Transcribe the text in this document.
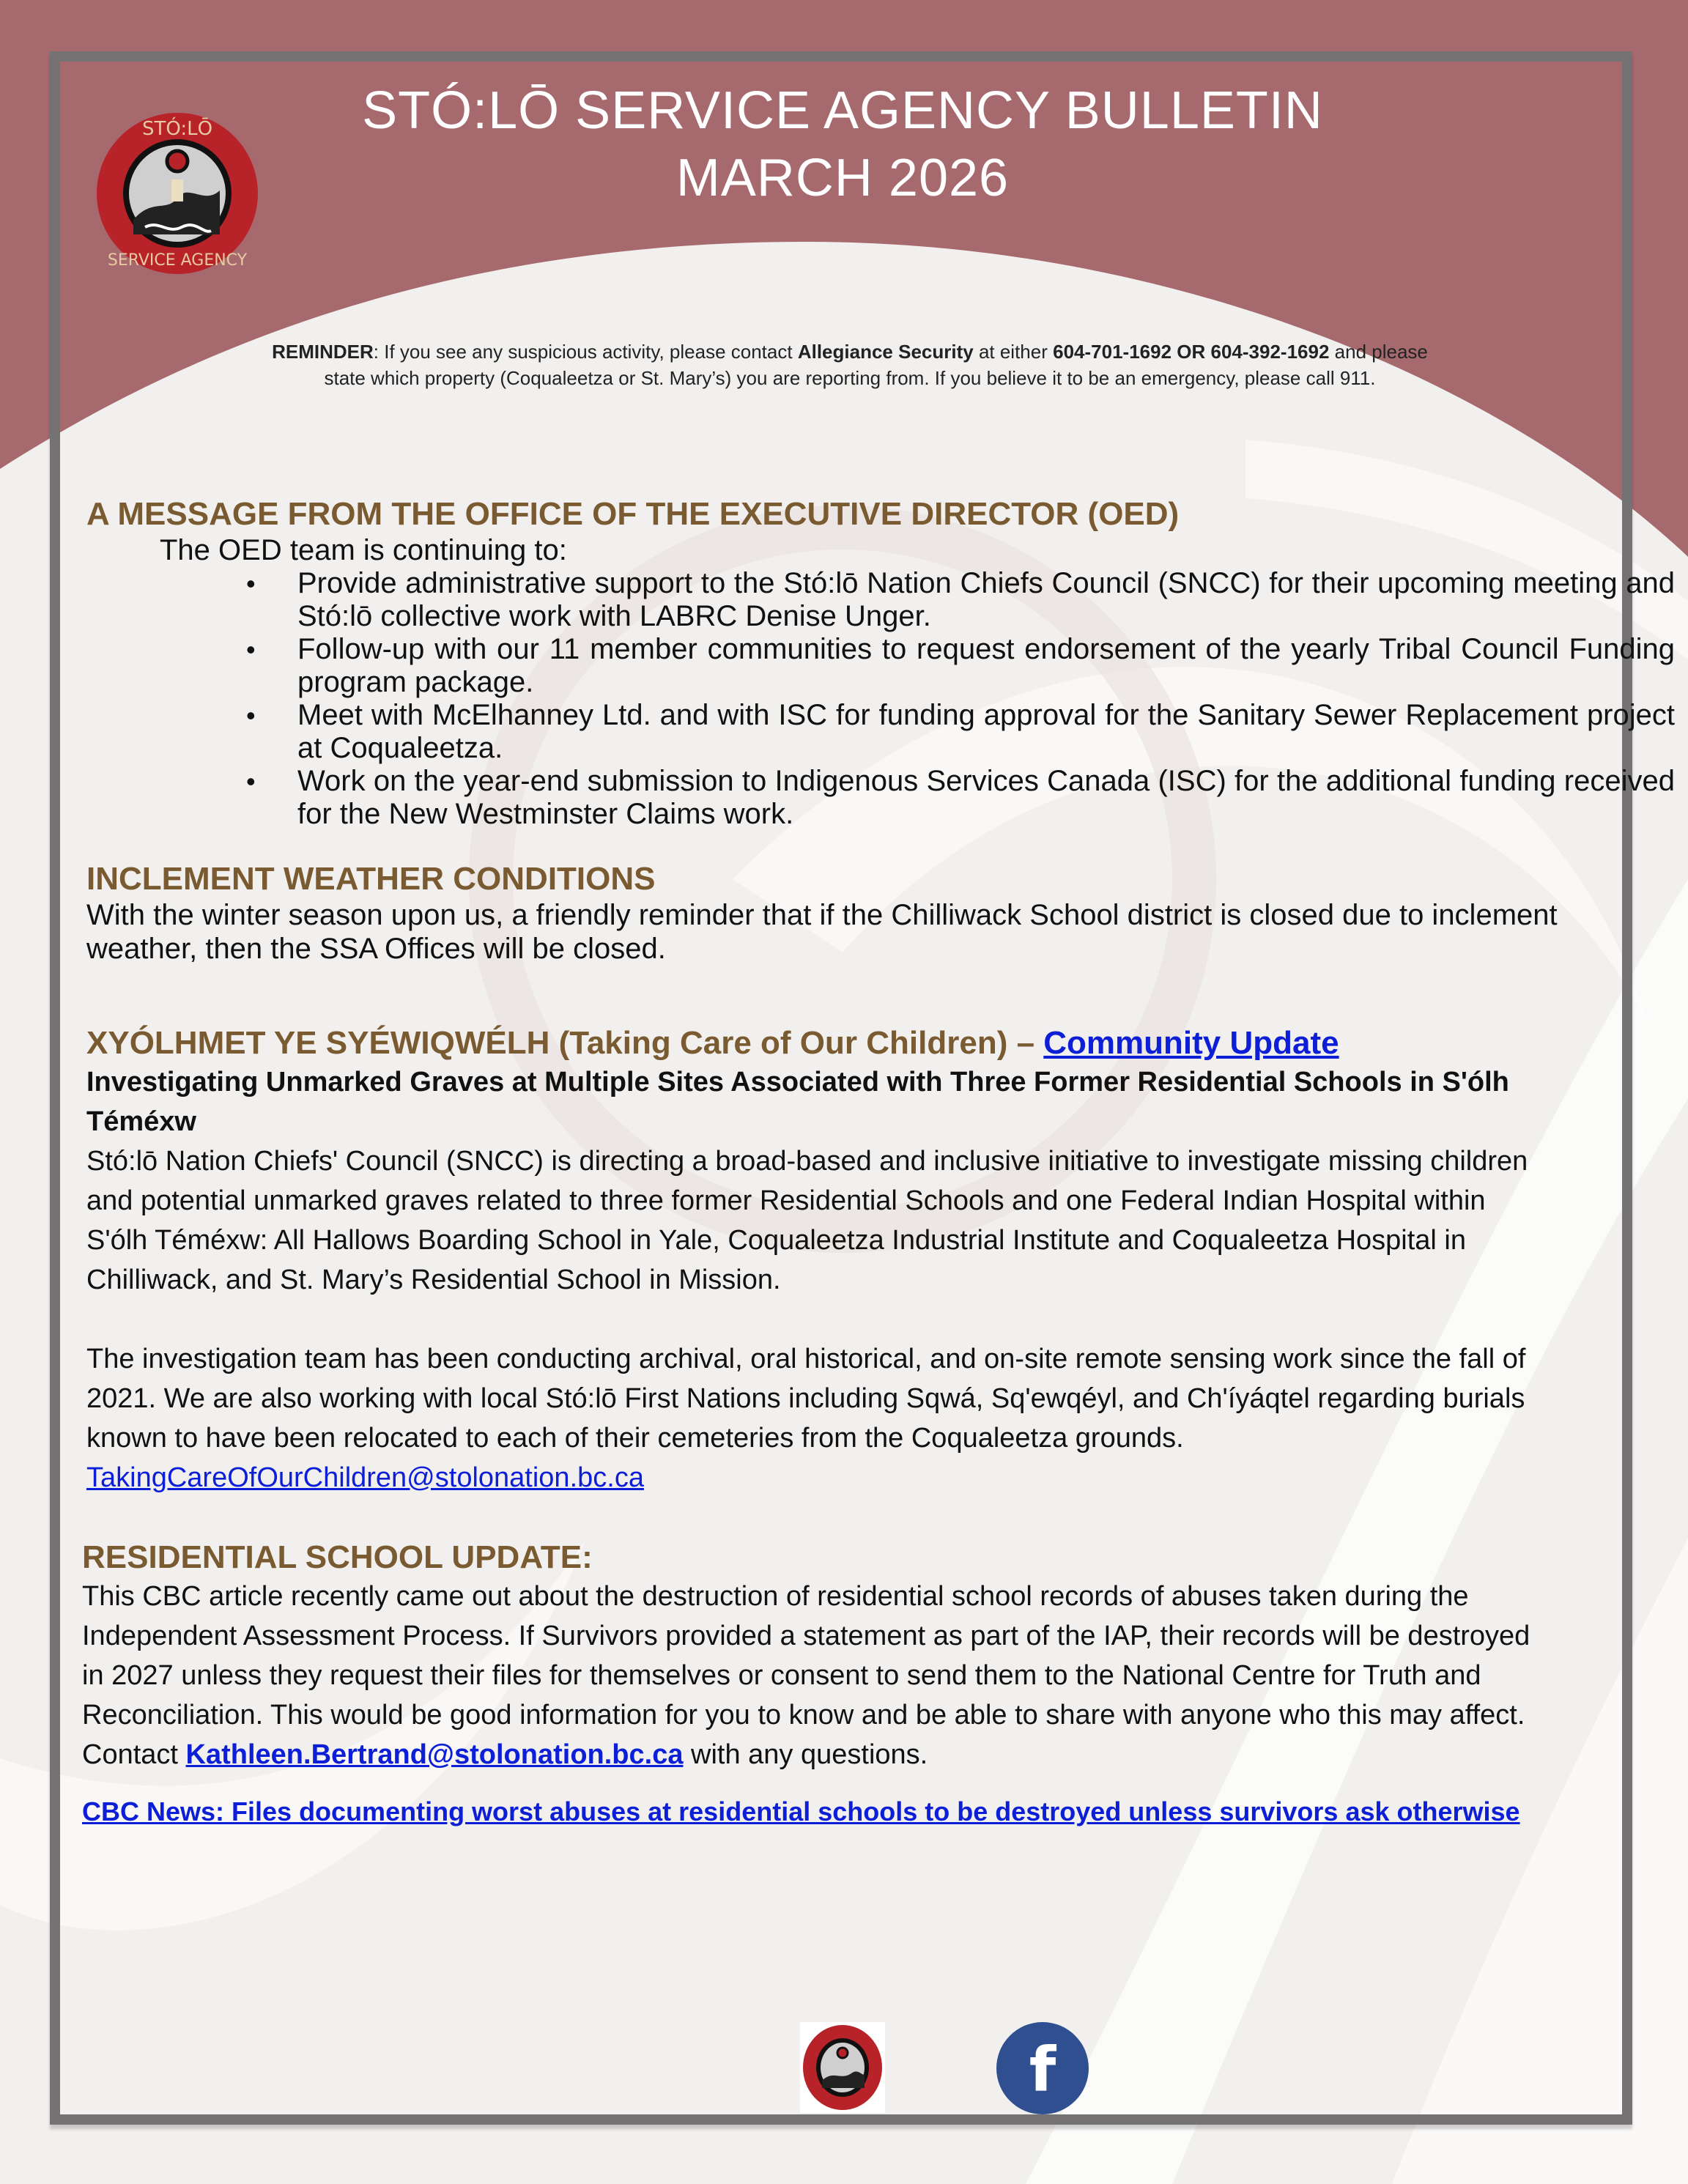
STÓ:LŌ
SERVICE AGENCY
STÓ:LŌ SERVICE AGENCY BULLETIN
MARCH 2026
REMINDER: If you see any suspicious activity, please contact Allegiance Security at either 604-701-1692 OR 604-392-1692 and please state which property (Coqualeetza or St. Mary’s) you are reporting from. If you believe it to be an emergency, please call 911.
A MESSAGE FROM THE OFFICE OF THE EXECUTIVE DIRECTOR (OED)
The OED team is continuing to:
• Provide administrative support to the Stó:lō Nation Chiefs Council (SNCC) for their upcoming meeting and Stó:lō collective work with LABRC Denise Unger.
• Follow-up with our 11 member communities to request endorsement of the yearly Tribal Council Funding program package.
• Meet with McElhanney Ltd. and with ISC for funding approval for the Sanitary Sewer Replacement project at Coqualeetza.
• Work on the year-end submission to Indigenous Services Canada (ISC) for the additional funding received for the New Westminster Claims work.
INCLEMENT WEATHER CONDITIONS
With the winter season upon us, a friendly reminder that if the Chilliwack School district is closed due to inclement weather, then the SSA Offices will be closed.
XYÓLHMET YE SYÉWIQWÉLH (Taking Care of Our Children) – Community Update
Investigating Unmarked Graves at Multiple Sites Associated with Three Former Residential Schools in S'ólh Téméxw
Stó:lō Nation Chiefs' Council (SNCC) is directing a broad-based and inclusive initiative to investigate missing children and potential unmarked graves related to three former Residential Schools and one Federal Indian Hospital within S'ólh Téméxw: All Hallows Boarding School in Yale, Coqualeetza Industrial Institute and Coqualeetza Hospital in Chilliwack, and St. Mary’s Residential School in Mission.
The investigation team has been conducting archival, oral historical, and on-site remote sensing work since the fall of 2021. We are also working with local Stó:lō First Nations including Sqwá, Sq'ewqéyl, and Ch'íyáqtel regarding burials known to have been relocated to each of their cemeteries from the Coqualeetza grounds.
TakingCareOfOurChildren@stolonation.bc.ca
RESIDENTIAL SCHOOL UPDATE:
This CBC article recently came out about the destruction of residential school records of abuses taken during the Independent Assessment Process. If Survivors provided a statement as part of the IAP, their records will be destroyed in 2027 unless they request their files for themselves or consent to send them to the National Centre for Truth and Reconciliation. This would be good information for you to know and be able to share with anyone who this may affect. Contact Kathleen.Bertrand@stolonation.bc.ca with any questions.
CBC News: Files documenting worst abuses at residential schools to be destroyed unless survivors ask otherwise
f
